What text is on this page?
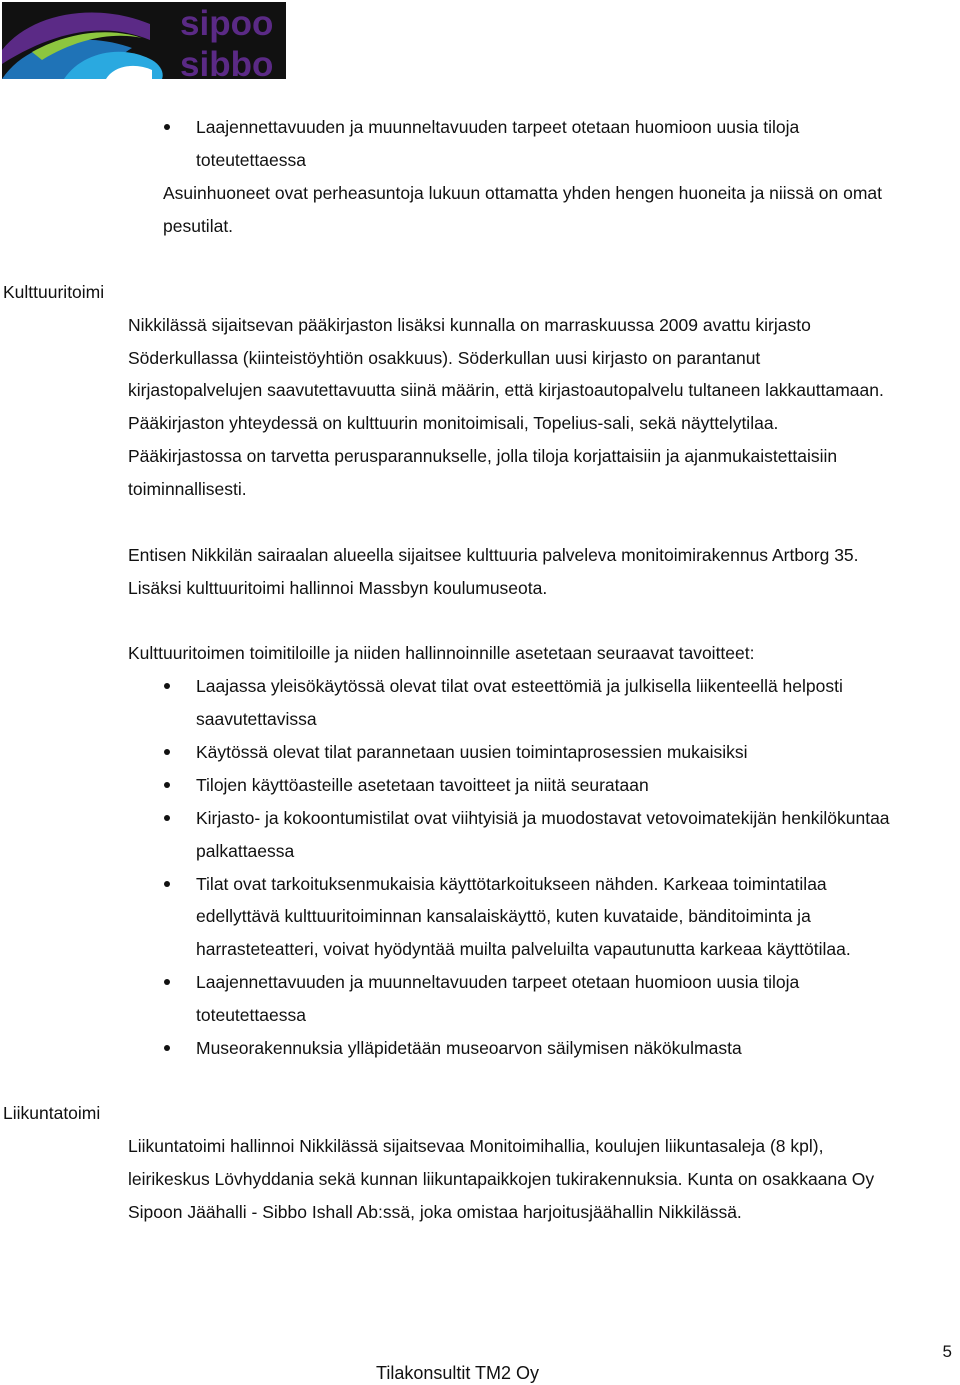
sipoo
sibbo
Laajennettavuuden ja muunneltavuuden tarpeet otetaan huomioon uusia tiloja
toteutettaessa
Asuinhuoneet ovat perheasuntoja lukuun ottamatta yhden hengen huoneita ja niissä on omat
pesutilat.
Kulttuuritoimi
Nikkilässä sijaitsevan pääkirjaston lisäksi kunnalla on marraskuussa 2009 avattu kirjasto
Söderkullassa (kiinteistöyhtiön osakkuus). Söderkullan uusi kirjasto on parantanut
kirjastopalvelujen saavutettavuutta siinä määrin, että kirjastoautopalvelu tultaneen lakkauttamaan.
Pääkirjaston yhteydessä on kulttuurin monitoimisali, Topelius-sali, sekä näyttelytilaa.
Pääkirjastossa on tarvetta perusparannukselle, jolla tiloja korjattaisiin ja ajanmukaistettaisiin
toiminnallisesti.
Entisen Nikkilän sairaalan alueella sijaitsee kulttuuria palveleva monitoimirakennus Artborg 35.
Lisäksi kulttuuritoimi hallinnoi Massbyn koulumuseota.
Kulttuuritoimen toimitiloille ja niiden hallinnoinnille asetetaan seuraavat tavoitteet:
Laajassa yleisökäytössä olevat tilat ovat esteettömiä ja julkisella liikenteellä helposti
saavutettavissa
Käytössä olevat tilat parannetaan uusien toimintaprosessien mukaisiksi
Tilojen käyttöasteille asetetaan tavoitteet ja niitä seurataan
Kirjasto- ja kokoontumistilat ovat viihtyisiä ja muodostavat vetovoimatekijän henkilökuntaa
palkattaessa
Tilat ovat tarkoituksenmukaisia käyttötarkoitukseen nähden. Karkeaa toimintatilaa
edellyttävä kulttuuritoiminnan kansalaiskäyttö, kuten kuvataide, bänditoiminta ja
harrasteteatteri, voivat hyödyntää muilta palveluilta vapautunutta karkeaa käyttötilaa.
Laajennettavuuden ja muunneltavuuden tarpeet otetaan huomioon uusia tiloja
toteutettaessa
Museorakennuksia ylläpidetään museoarvon säilymisen näkökulmasta
Liikuntatoimi
Liikuntatoimi hallinnoi Nikkilässä sijaitsevaa Monitoimihallia, koulujen liikuntasaleja (8 kpl),
leirikeskus Lövhyddania sekä kunnan liikuntapaikkojen tukirakennuksia. Kunta on osakkaana Oy
Sipoon Jäähalli - Sibbo Ishall Ab:ssä, joka omistaa harjoitusjäähallin Nikkilässä.
5
Tilakonsultit TM2 Oy
